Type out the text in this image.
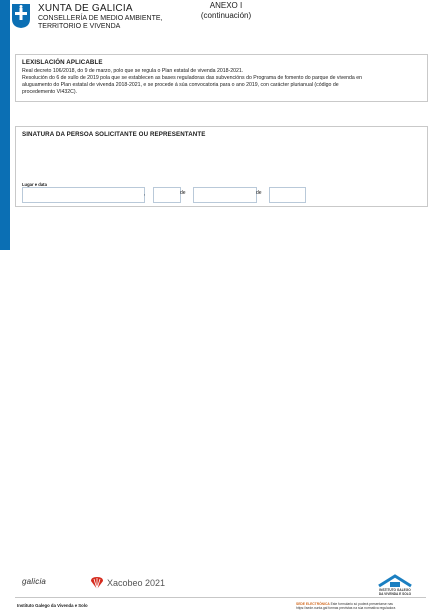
XUNTA DE GALICIA
CONSELLERÍA DE MEDIO AMBIENTE,
TERRITORIO E VIVENDA
ANEXO I
(continuación)
LEXISLACIÓN APLICABLE
Real decreto 106/2018, do 9 de marzo, polo que se regula o Plan estatal de vivenda 2018-2021.
Resolución do 6 de xullo de 2019 pola que se establecen as bases reguladoras das subvencións do Programa de fomento do parque de vivenda en
aluguamento do Plan estatal de vivenda 2018-2021, e se procede á súa convocatoria para o ano 2019, con carácter plurianual (código de
procedemento VI432C).
SINATURA DA PERSOA SOLICITANTE OU REPRESENTANTE
Lugar e data
,	de	de
galicia	Xacobeo 2021
INSTITUTO GALEGO
DA VIVENDA E SOLO
Instituto Galego da Vivenda e Solo	SEDE ELECTRÓNICA Este formulario só poderá presentarse nas
https://sede.xunta.gal formas previstas na súa normativa reguladora
